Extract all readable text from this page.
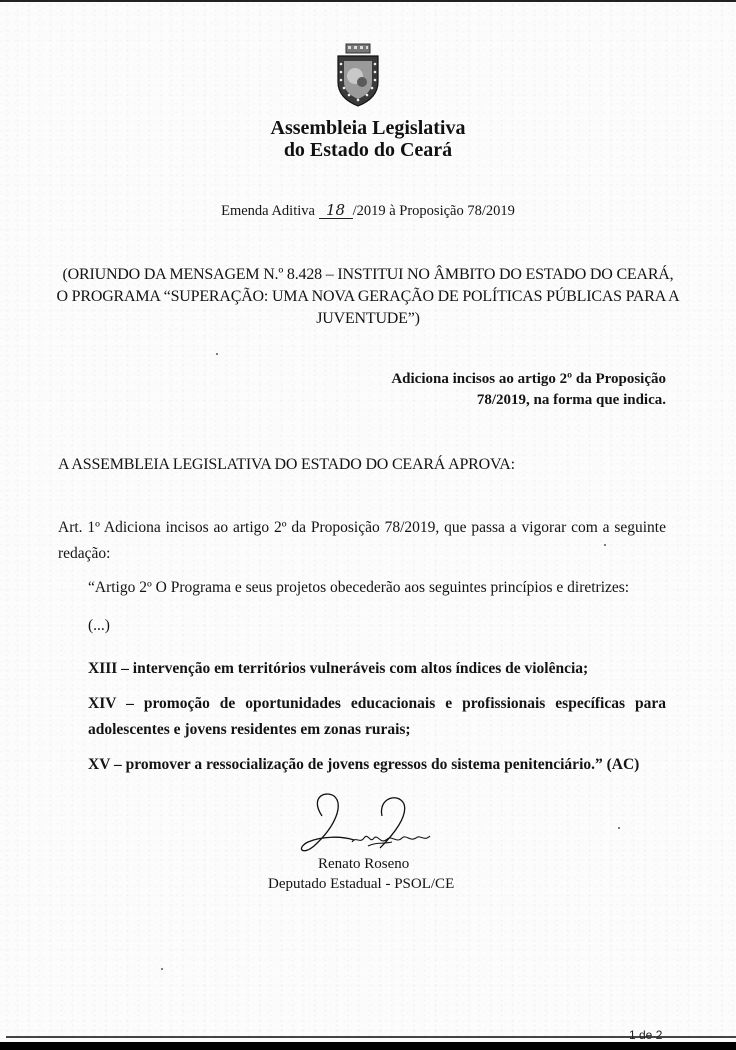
Assembleia Legislativa
do Estado do Ceará
Emenda Aditiva 18 /2019 à Proposição 78/2019
(ORIUNDO DA MENSAGEM N.º 8.428 – INSTITUI NO ÂMBITO DO ESTADO DO CEARÁ, O PROGRAMA “SUPERAÇÃO: UMA NOVA GERAÇÃO DE POLÍTICAS PÚBLICAS PARA A JUVENTUDE”)
Adiciona incisos ao artigo 2º da Proposição
78/2019, na forma que indica.
A ASSEMBLEIA LEGISLATIVA DO ESTADO DO CEARÁ APROVA:
Art. 1º Adiciona incisos ao artigo 2º da Proposição 78/2019, que passa a vigorar com a seguinte redação:
“Artigo 2º O Programa e seus projetos obecederão aos seguintes princípios e diretrizes:
(...)
XIII – intervenção em territórios vulneráveis com altos índices de violência;
XIV – promoção de oportunidades educacionais e profissionais específicas para adolescentes e jovens residentes em zonas rurais;
XV – promover a ressocialização de jovens egressos do sistema penitenciário.” (AC)
Renato Roseno
Deputado Estadual - PSOL/CE
1 de 2
